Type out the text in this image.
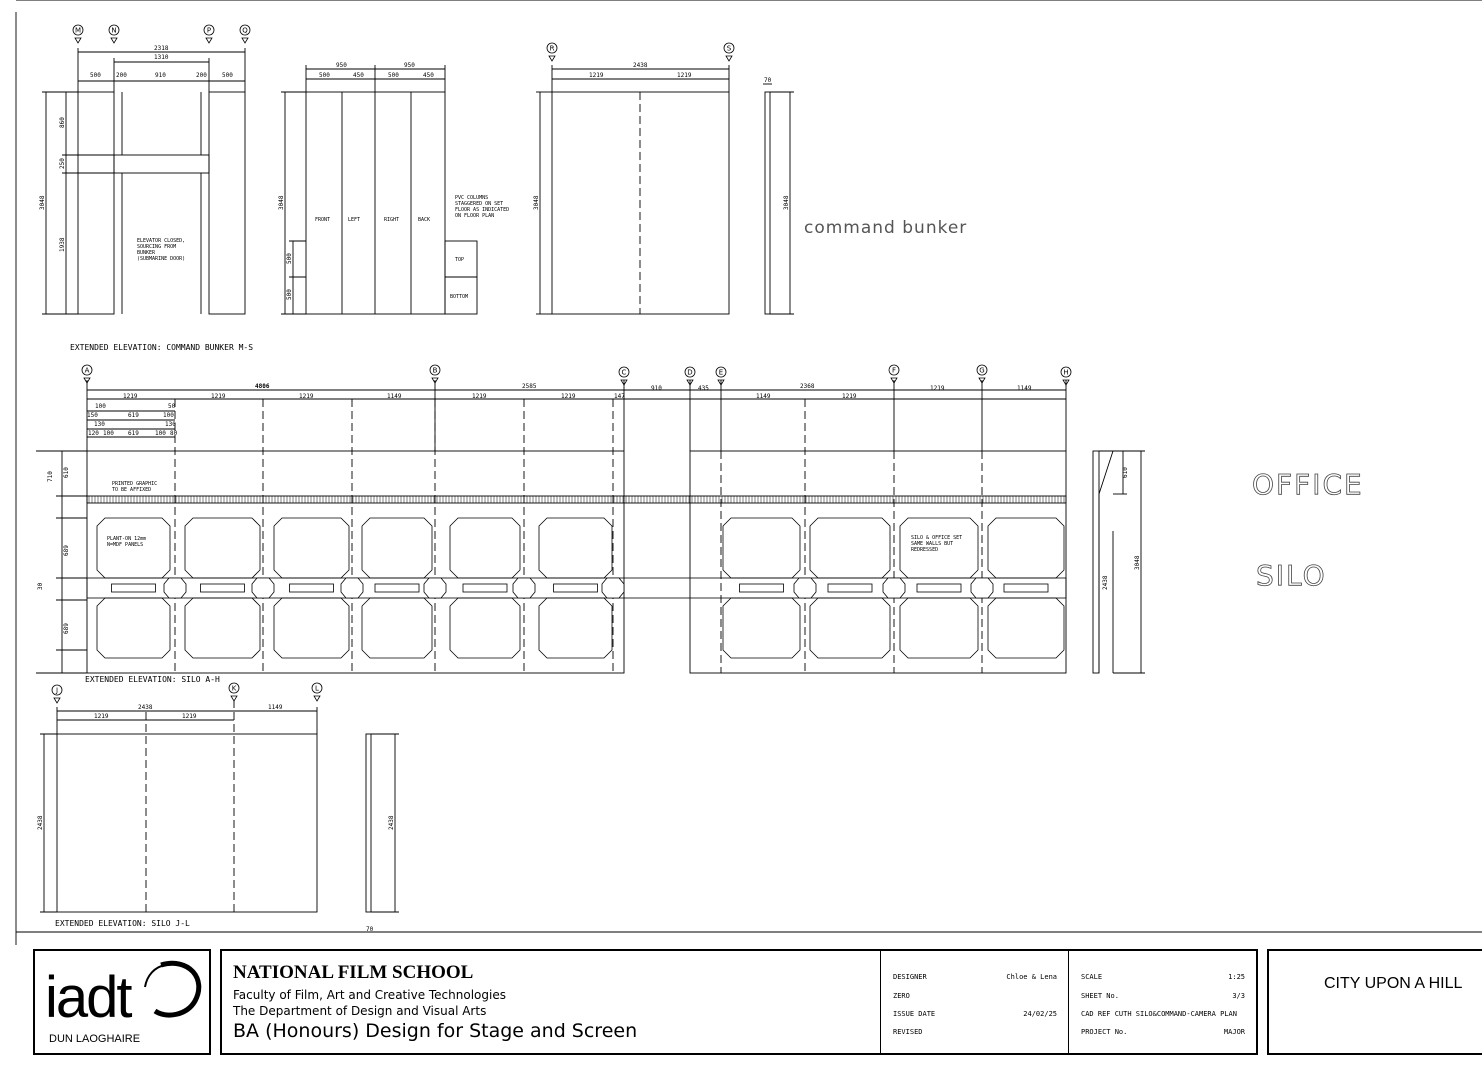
M	N	P	Q
R	S
A	B	C	D	E	F	G	H
J	K	L
EXTENDED ELEVATION: COMMAND BUNKER M-S
EXTENDED ELEVATION: SILO A-H
EXTENDED ELEVATION: SILO J-L
command bunker
OFFICE
SILO
FRONT	LEFT	RIGHT	BACK
TOP
BOTTOM
ELEVATOR CLOSED,
SOURCING FROM
BUNKER
(SUBMARINE DOOR)
PVC COLUMNS
STAGGERED ON SET
FLOOR AS INDICATED
ON FLOOR PLAN
PRINTED GRAPHIC
TO BE AFFIXED
PLANT-ON 12mm
N=MDF PANELS
SILO & OFFICE SET
SAME WALLS BUT
REDRESSED
2318
1310
500	200	910	200	500
950	950
500	450	500	450
2438
1219	1219
70
4806	2585	910	435	2368
1219	1219	1219	1149	1219	1219	147	1149	1219
1219	1149
100	50
150	619	100
130	130
120 100 619	100 80
2438
1219	1219
1149
70
860
250
1938
3048	3048
500
500
3048	3048
710 610
689
689
30
610
3048
2438
2438	2438
iadt
DUN LAOGHAIRE
NATIONAL FILM SCHOOL
Faculty of Film, Art and Creative Technologies
The Department of Design and Visual Arts
BA (Honours) Design for Stage and Screen
DESIGNER	Chloe & Lena
ZERO
ISSUE DATE	24/02/25
REVISED
SCALE	1:25
SHEET No.	3/3
CAD REF CUTH SILO&COMMAND-CAMERA PLAN
PROJECT No.	MAJOR
CITY UPON A HILL
